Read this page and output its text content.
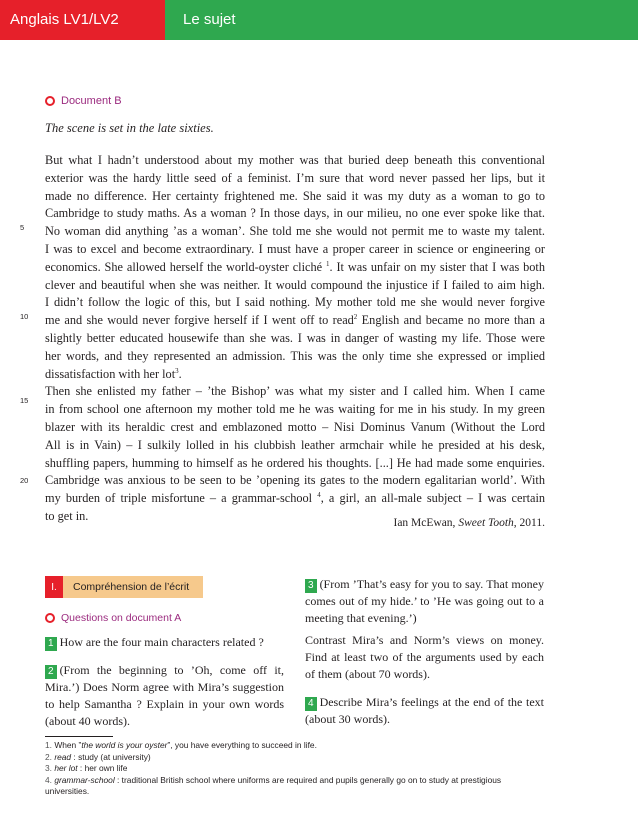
Anglais LV1/LV2	Le sujet
Document B
The scene is set in the late sixties.
5
10
15
20
But what I hadn’t understood about my mother was that buried deep beneath this conventional
exterior was the hardy little seed of a feminist. I’m sure that word never passed her lips, but it
made no difference. Her certainty frightened me. She said it was my duty as a woman to go to
Cambridge to study maths. As a woman ? In those days, in our milieu, no one ever spoke like that.
No woman did anything ’as a woman’. She told me she would not permit me to waste my talent.
I was to excel and become extraordinary. I must have a proper career in science or engineering or
economics. She allowed herself the world-oyster cliché $^1$. It was unfair on my sister that I was both
clever and beautiful when she was neither. It would compound the injustice if I failed to aim high.
I didn’t follow the logic of this, but I said nothing. My mother told me she would never forgive
me and she would never forgive herself if I went off to read$^2$ English and became no more than a
slightly better educated housewife than she was. I was in danger of wasting my life. Those were
her words, and they represented an admission. This was the only time she expressed or implied
dissatisfaction with her lot$^3$.
Then she enlisted my father – ’the Bishop’ was what my sister and I called him. When I came
in from school one afternoon my mother told me he was waiting for me in his study. In my green
blazer with its heraldic crest and emblazoned motto – Nisi Dominus Vanum (Without the Lord
All is in Vain) – I sulkily lolled in his clubbish leather armchair while he presided at his desk,
shuffling papers, humming to himself as he ordered his thoughts. [...] He had made some enquiries.
Cambridge was anxious to be seen to be ’opening its gates to the modern egalitarian world’. With
my burden of triple misfortune – a grammar-school $^4$, a girl, an all-male subject – I was certain
to get in.
Ian McEwan, Sweet Tooth, 2011.
I.	Compréhension de l’écrit
Questions on document A
1 How are the four main characters related ?
2 (From the beginning to ’Oh, come off it, Mira.’) Does Norm agree with Mira’s suggestion to help Samantha ? Explain in your own words (about 40 words).
3 (From ’That’s easy for you to say. That money comes out of my hide.’ to ’He was going out to a meeting that evening.’)
Contrast Mira’s and Norm’s views on money. Find at least two of the arguments used by each of them (about 70 words).
4 Describe Mira’s feelings at the end of the text (about 30 words).
1. When ”the world is your oyster”, you have everything to succeed in life.
2. read : study (at university)
3. her lot : her own life
4. grammar-school : traditional British school where uniforms are required and pupils generally go on to study at prestigious universities.
